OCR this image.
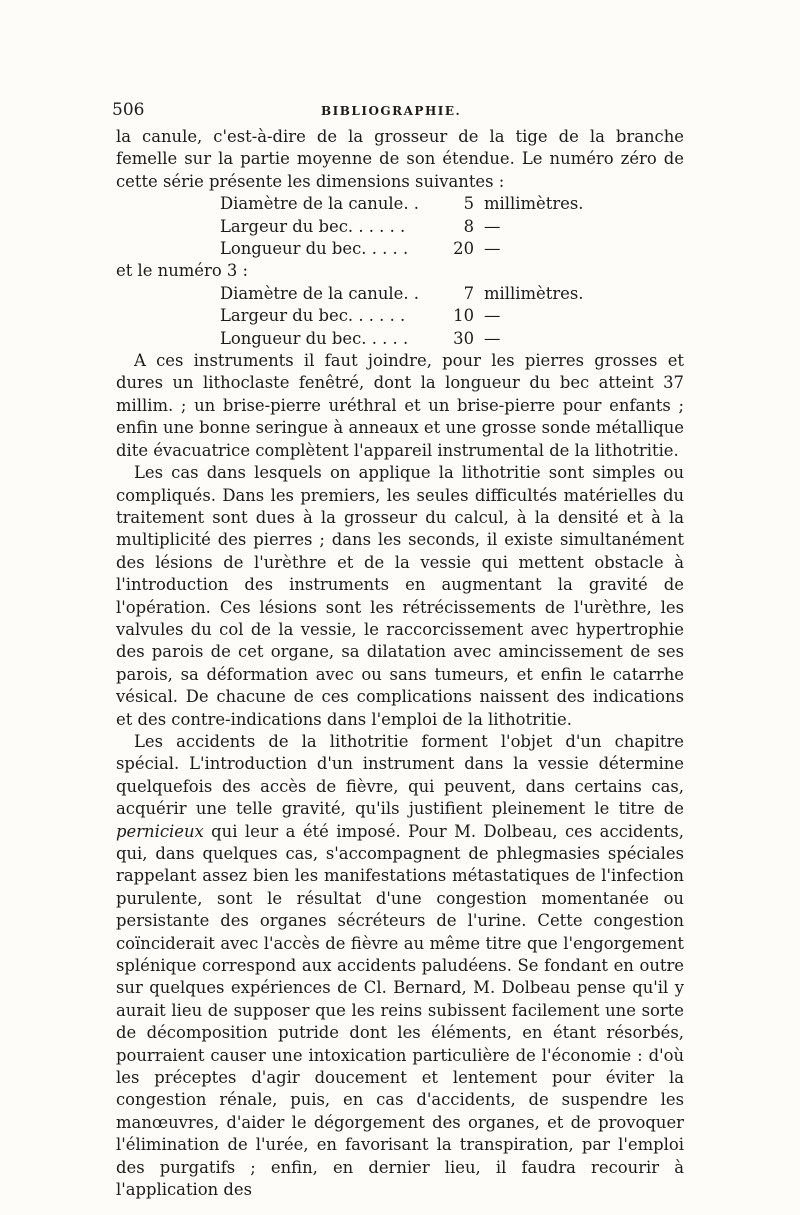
506	BIBLIOGRAPHIE.

la canule, c'est-à-dire de la grosseur de la tige de la branche femelle sur la partie moyenne de son étendue. Le numéro zéro de cette série présente les dimensions suivantes :

Diamètre de la canule. .	5	millimètres.
Largeur du bec. . . . . .	8	—
Longueur du bec. . . . .	20	—

et le numéro 3 :

Diamètre de la canule. .	7	millimètres.
Largeur du bec. . . . . .	10	—
Longueur du bec. . . . .	30	—

A ces instruments il faut joindre, pour les pierres grosses et dures un lithoclaste fenêtré, dont la longueur du bec atteint 37 millim. ; un brise-pierre uréthral et un brise-pierre pour enfants ; enfin une bonne seringue à anneaux et une grosse sonde métallique dite évacuatrice complètent l'appareil instrumental de la lithotritie.

Les cas dans lesquels on applique la lithotritie sont simples ou compliqués. Dans les premiers, les seules difficultés matérielles du traitement sont dues à la grosseur du calcul, à la densité et à la multiplicité des pierres ; dans les seconds, il existe simultanément des lésions de l'urèthre et de la vessie qui mettent obstacle à l'introduction des instruments en augmentant la gravité de l'opération. Ces lésions sont les rétrécissements de l'urèthre, les valvules du col de la vessie, le raccorcissement avec hypertrophie des parois de cet organe, sa dilatation avec amincissement de ses parois, sa déformation avec ou sans tumeurs, et enfin le catarrhe vésical. De chacune de ces complications naissent des indications et des contre-indications dans l'emploi de la lithotritie.

Les accidents de la lithotritie forment l'objet d'un chapitre spécial. L'introduction d'un instrument dans la vessie détermine quelquefois des accès de fièvre, qui peuvent, dans certains cas, acquérir une telle gravité, qu'ils justifient pleinement le titre de pernicieux qui leur a été imposé. Pour M. Dolbeau, ces accidents, qui, dans quelques cas, s'accompagnent de phlegmasies spéciales rappelant assez bien les manifestations métastatiques de l'infection purulente, sont le résultat d'une congestion momentanée ou persistante des organes sécréteurs de l'urine. Cette congestion coïnciderait avec l'accès de fièvre au même titre que l'engorgement splénique correspond aux accidents paludéens. Se fondant en outre sur quelques expériences de Cl. Bernard, M. Dolbeau pense qu'il y aurait lieu de supposer que les reins subissent facilement une sorte de décomposition putride dont les éléments, en étant résorbés, pourraient causer une intoxication particulière de l'économie : d'où les préceptes d'agir doucement et lentement pour éviter la congestion rénale, puis, en cas d'accidents, de suspendre les manœuvres, d'aider le dégorgement des organes, et de provoquer l'élimination de l'urée, en favorisant la transpiration, par l'emploi des purgatifs ; enfin, en dernier lieu, il faudra recourir à l'application des
